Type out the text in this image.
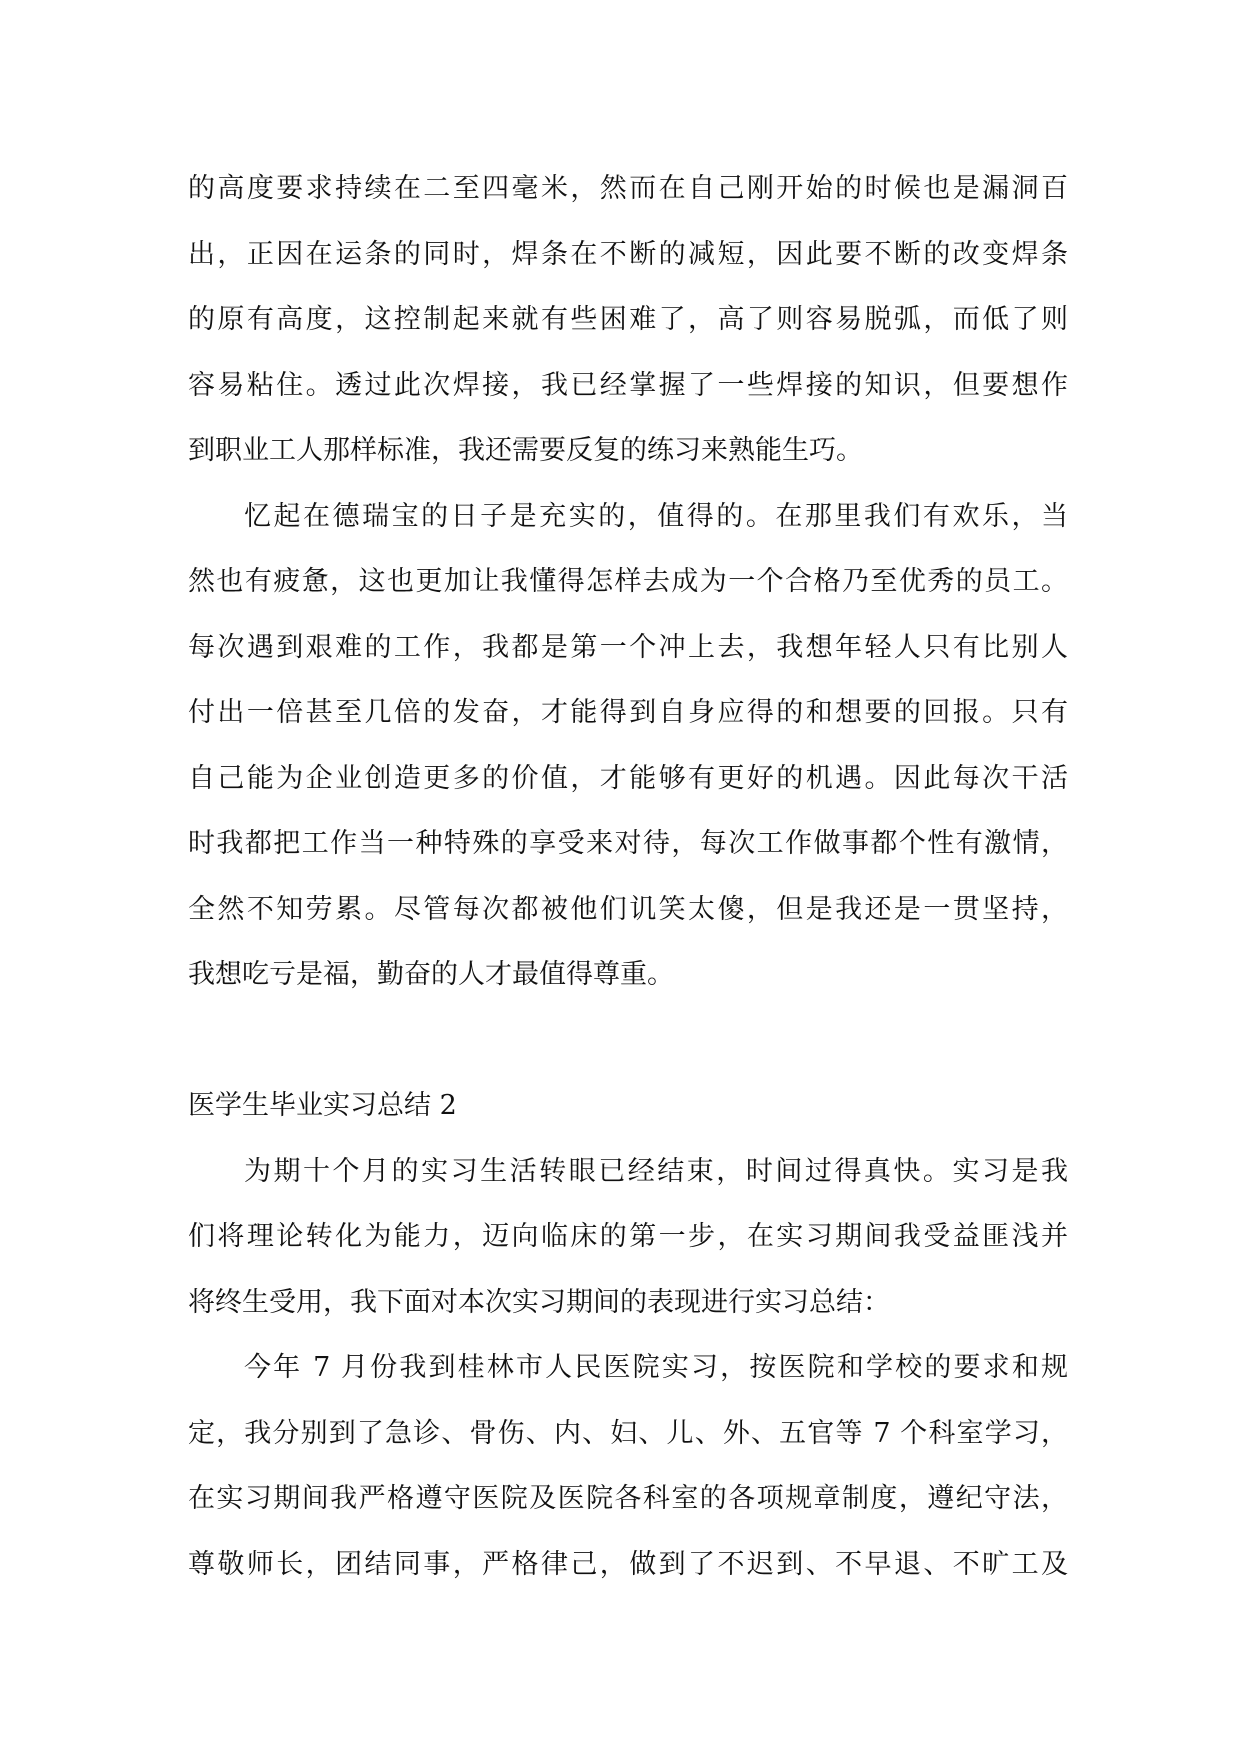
的高度要求持续在二至四毫米，然而在自己刚开始的时候也是漏洞百
出，正因在运条的同时，焊条在不断的减短，因此要不断的改变焊条
的原有高度，这控制起来就有些困难了，高了则容易脱弧，而低了则
容易粘住。透过此次焊接，我已经掌握了一些焊接的知识，但要想作
到职业工人那样标准，我还需要反复的练习来熟能生巧。
忆起在德瑞宝的日子是充实的，值得的。在那里我们有欢乐，当
然也有疲惫，这也更加让我懂得怎样去成为一个合格乃至优秀的员工。
每次遇到艰难的工作，我都是第一个冲上去，我想年轻人只有比别人
付出一倍甚至几倍的发奋，才能得到自身应得的和想要的回报。只有
自己能为企业创造更多的价值，才能够有更好的机遇。因此每次干活
时我都把工作当一种特殊的享受来对待，每次工作做事都个性有激情，
全然不知劳累。尽管每次都被他们讥笑太傻，但是我还是一贯坚持，
我想吃亏是福，勤奋的人才最值得尊重。
医学生毕业实习总结 2
为期十个月的实习生活转眼已经结束，时间过得真快。实习是我
们将理论转化为能力，迈向临床的第一步，在实习期间我受益匪浅并
将终生受用，我下面对本次实习期间的表现进行实习总结：
今年 7 月份我到桂林市人民医院实习，按医院和学校的要求和规
定，我分别到了急诊、骨伤、内、妇、儿、外、五官等 7 个科室学习，
在实习期间我严格遵守医院及医院各科室的各项规章制度，遵纪守法，
尊敬师长，团结同事，严格律己，做到了不迟到、不早退、不旷工及
